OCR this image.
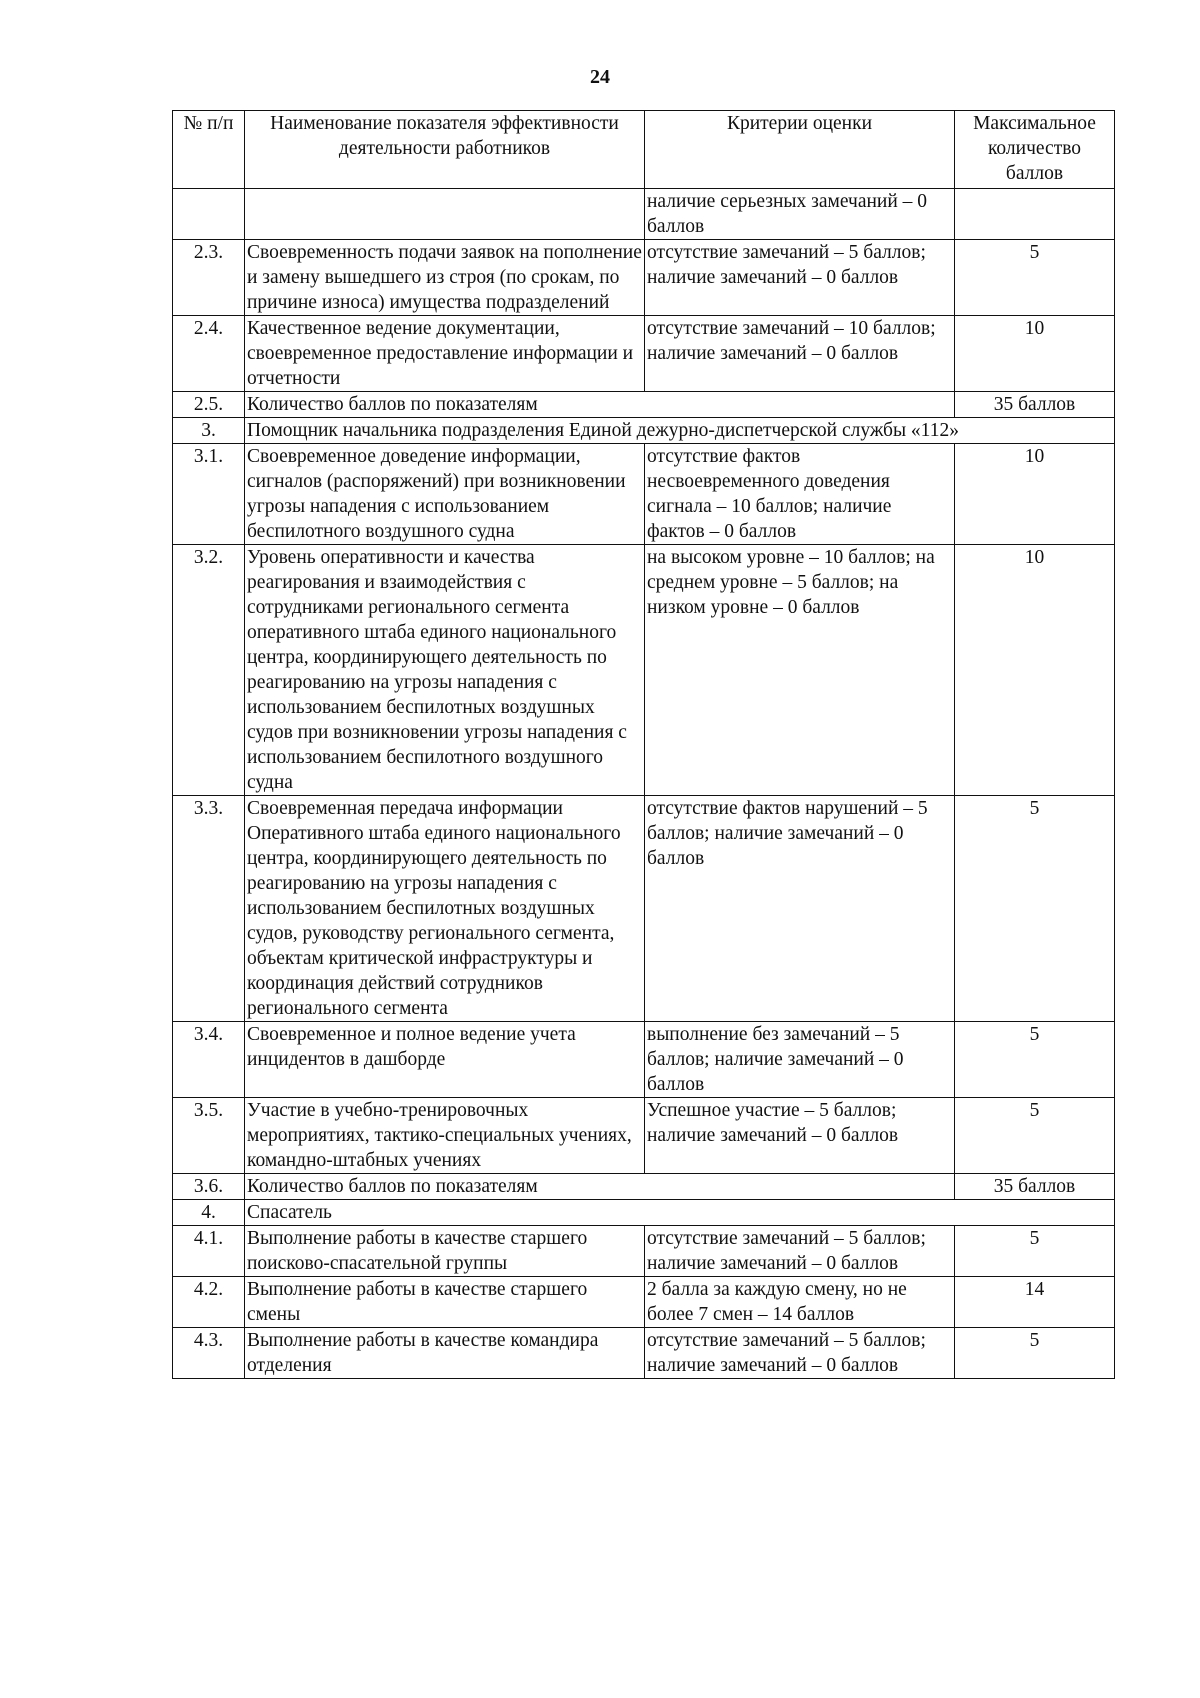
24
№ п/п	Наименование показателя эффективности деятельности работников	Критерии оценки	Максимальное количество баллов
		наличие серьезных замечаний – 0 баллов	
2.3.	Своевременность подачи заявок на пополнение и замену вышедшего из строя (по срокам, по причине износа) имущества подразделений	отсутствие замечаний – 5 баллов; наличие замечаний – 0 баллов	5
2.4.	Качественное ведение документации, своевременное предоставление информации и отчетности	отсутствие замечаний – 10 баллов; наличие замечаний – 0 баллов	10
2.5.	Количество баллов по показателям		35 баллов
3.	Помощник начальника подразделения Единой дежурно-диспетчерской службы «112»		
3.1.	Своевременное доведение информации, сигналов (распоряжений) при возникновении угрозы нападения с использованием беспилотного воздушного судна	отсутствие фактов несвоевременного доведения сигнала – 10 баллов; наличие фактов – 0 баллов	10
3.2.	Уровень оперативности и качества реагирования и взаимодействия с сотрудниками регионального сегмента оперативного штаба единого национального центра, координирующего деятельность по реагированию на угрозы нападения с использованием беспилотных воздушных судов при возникновении угрозы нападения с использованием беспилотного воздушного судна	на высоком уровне – 10 баллов; на среднем уровне – 5 баллов; на низком уровне – 0 баллов	10
3.3.	Своевременная передача информации Оперативного штаба единого национального центра, координирующего деятельность по реагированию на угрозы нападения с использованием беспилотных воздушных судов, руководству регионального сегмента, объектам критической инфраструктуры и координация действий сотрудников регионального сегмента	отсутствие фактов нарушений – 5 баллов; наличие замечаний – 0 баллов	5
3.4.	Своевременное и полное ведение учета инцидентов в дашборде	выполнение без замечаний – 5 баллов; наличие замечаний – 0 баллов	5
3.5.	Участие в учебно-тренировочных мероприятиях, тактико-специальных учениях, командно-штабных учениях	Успешное участие – 5 баллов; наличие замечаний – 0 баллов	5
3.6.	Количество баллов по показателям		35 баллов
4.	Спасатель		
4.1.	Выполнение работы в качестве старшего поисково-спасательной группы	отсутствие замечаний – 5 баллов; наличие замечаний – 0 баллов	5
4.2.	Выполнение работы в качестве старшего смены	2 балла за каждую смену, но не более 7 смен – 14 баллов	14
4.3.	Выполнение работы в качестве командира отделения	отсутствие замечаний – 5 баллов; наличие замечаний – 0 баллов	5
